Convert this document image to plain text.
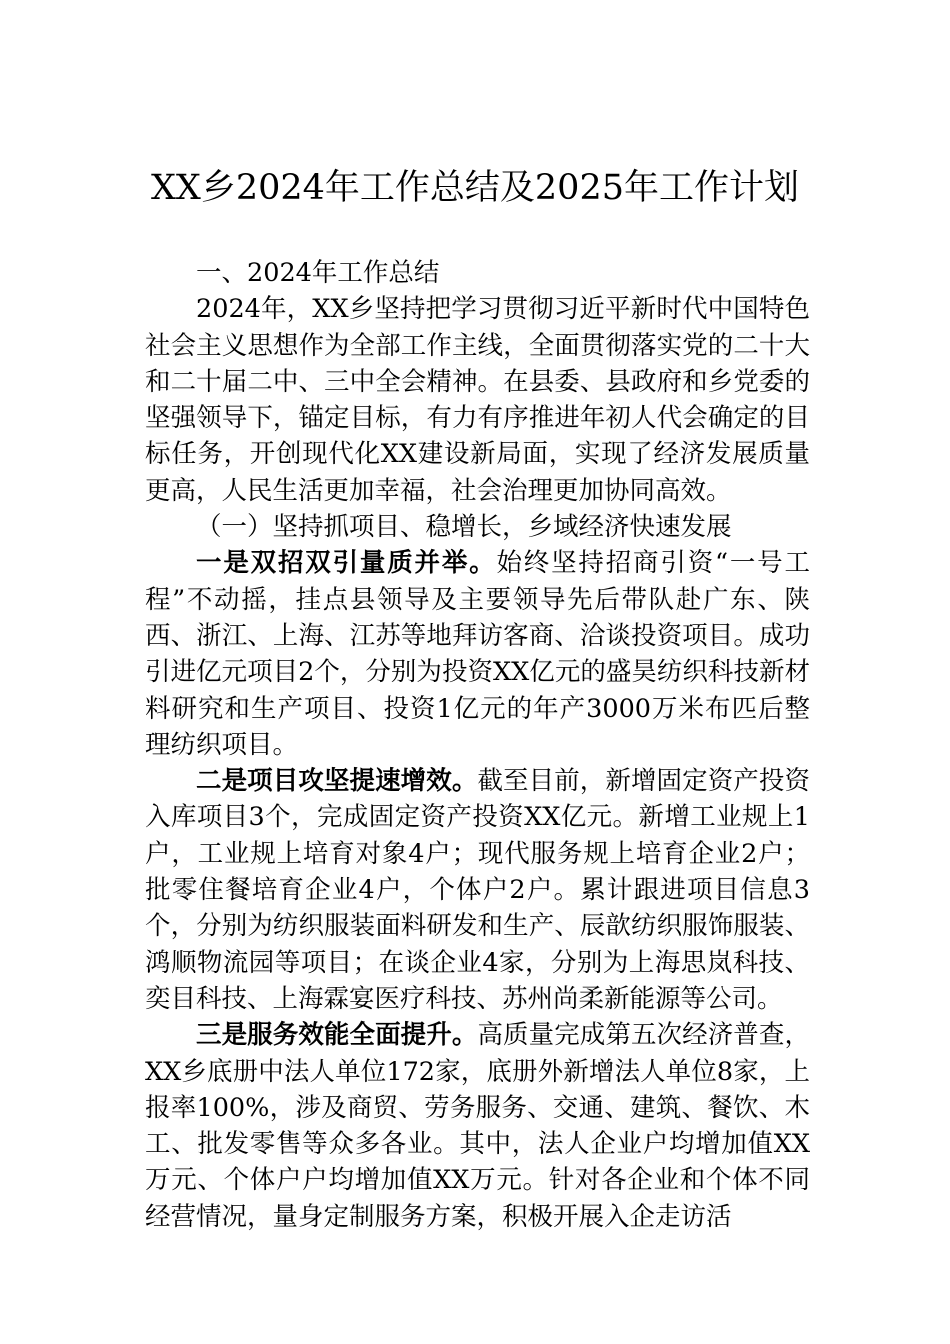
XX乡2024年工作总结及2025年工作计划

一、2024年工作总结

2024年，XX乡坚持把学习贯彻习近平新时代中国特色社会主义思想作为全部工作主线，全面贯彻落实党的二十大和二十届二中、三中全会精神。在县委、县政府和乡党委的坚强领导下，锚定目标，有力有序推进年初人代会确定的目标任务，开创现代化XX建设新局面，实现了经济发展质量更高，人民生活更加幸福，社会治理更加协同高效。

（一）坚持抓项目、稳增长，乡域经济快速发展

一是双招双引量质并举。始终坚持招商引资“一号工程”不动摇，挂点县领导及主要领导先后带队赴广东、陕西、浙江、上海、江苏等地拜访客商、洽谈投资项目。成功引进亿元项目2个，分别为投资XX亿元的盛昊纺织科技新材料研究和生产项目、投资1亿元的年产3000万米布匹后整理纺织项目。

二是项目攻坚提速增效。截至目前，新增固定资产投资入库项目3个，完成固定资产投资XX亿元。新增工业规上1户，工业规上培育对象4户；现代服务规上培育企业2户；批零住餐培育企业4户，个体户2户。累计跟进项目信息3个，分别为纺织服装面料研发和生产、辰歆纺织服饰服装、鸿顺物流园等项目；在谈企业4家，分别为上海思岚科技、奕目科技、上海霖宴医疗科技、苏州尚柔新能源等公司。

三是服务效能全面提升。高质量完成第五次经济普查，XX乡底册中法人单位172家，底册外新增法人单位8家，上报率100%，涉及商贸、劳务服务、交通、建筑、餐饮、木工、批发零售等众多各业。其中，法人企业户均增加值XX万元、个体户户均增加值XX万元。针对各企业和个体不同经营情况，量身定制服务方案，积极开展入企走访活
